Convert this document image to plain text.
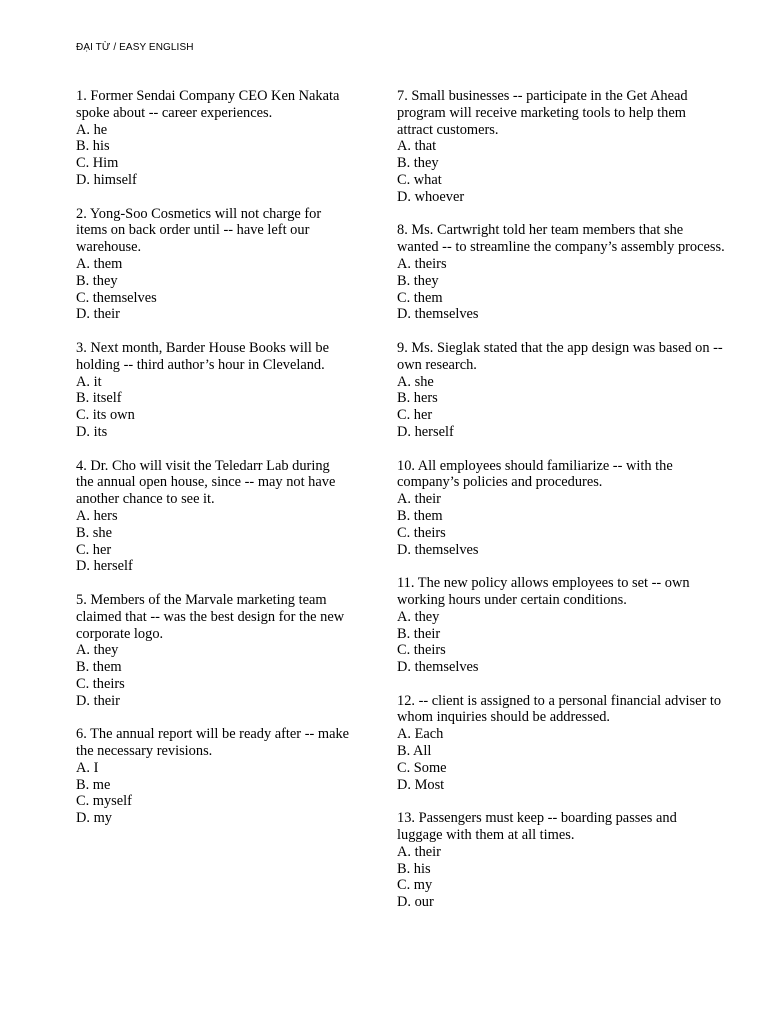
ĐẠI TỪ / EASY ENGLISH
1. Former Sendai Company CEO Ken Nakata
spoke about -- career experiences.
A. he
B. his
C. Him
D. himself
2. Yong-Soo Cosmetics will not charge for
items on back order until -- have left our
warehouse.
A. them
B. they
C. themselves
D. their
3. Next month, Barder House Books will be
holding -- third author’s hour in Cleveland.
A. it
B. itself
C. its own
D. its
4. Dr. Cho will visit the Teledarr Lab during
the annual open house, since -- may not have
another chance to see it.
A. hers
B. she
C. her
D. herself
5. Members of the Marvale marketing team
claimed that -- was the best design for the new
corporate logo.
A. they
B. them
C. theirs
D. their
6. The annual report will be ready after -- make
the necessary revisions.
A. I
B. me
C. myself
D. my
7. Small businesses -- participate in the Get Ahead
program will receive marketing tools to help them
attract customers.
A. that
B. they
C. what
D. whoever
8. Ms. Cartwright told her team members that she
wanted -- to streamline the company’s assembly process.
A. theirs
B. they
C. them
D. themselves
9. Ms. Sieglak stated that the app design was based on --
own research.
A. she
B. hers
C. her
D. herself
10. All employees should familiarize -- with the
company’s policies and procedures.
A. their
B. them
C. theirs
D. themselves
11. The new policy allows employees to set -- own
working hours under certain conditions.
A. they
B. their
C. theirs
D. themselves
12. -- client is assigned to a personal financial adviser to
whom inquiries should be addressed.
A. Each
B. All
C. Some
D. Most
13. Passengers must keep -- boarding passes and
luggage with them at all times.
A. their
B. his
C. my
D. our
